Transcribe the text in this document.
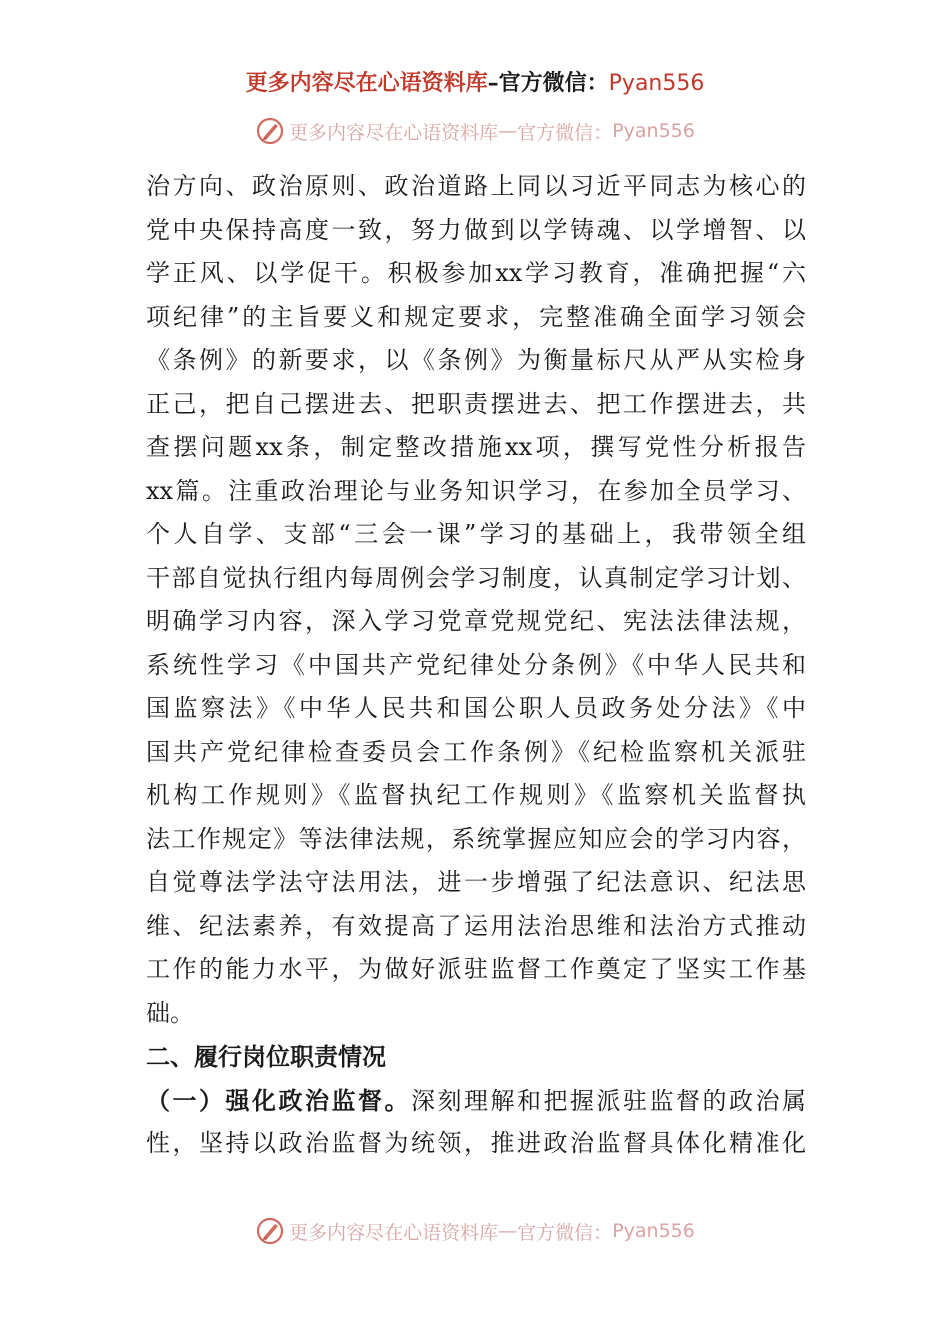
更多内容尽在心语资料库–官方微信：Pyan556
更多内容尽在心语资料库 — 官方微信： Pyan556
治方向、政治原则、政治道路上同以习近平同志为核心的
党中央保持高度一致，努力做到以学铸魂、以学增智、以
学正风、以学促干。积极参加xx学习教育，准确把握“六
项纪律”的主旨要义和规定要求，完整准确全面学习领会
《条例》的新要求，以《条例》为衡量标尺从严从实检身
正己，把自己摆进去、把职责摆进去、把工作摆进去，共
查摆问题xx条，制定整改措施xx项，撰写党性分析报告
xx篇。注重政治理论与业务知识学习，在参加全员学习、
个人自学、支部“三会一课”学习的基础上，我带领全组
干部自觉执行组内每周例会学习制度，认真制定学习计划、
明确学习内容，深入学习党章党规党纪、宪法法律法规，
系统性学习《中国共产党纪律处分条例》《中华人民共和
国监察法》《中华人民共和国公职人员政务处分法》《中
国共产党纪律检查委员会工作条例》《纪检监察机关派驻
机构工作规则》《监督执纪工作规则》《监察机关监督执
法工作规定》等法律法规，系统掌握应知应会的学习内容，
自觉尊法学法守法用法，进一步增强了纪法意识、纪法思
维、纪法素养，有效提高了运用法治思维和法治方式推动
工作的能力水平，为做好派驻监督工作奠定了坚实工作基
础。
二、履行岗位职责情况
（一）强化政治监督。深刻理解和把握派驻监督的政治属
性，坚持以政治监督为统领，推进政治监督具体化精准化
更多内容尽在心语资料库 — 官方微信： Pyan556
